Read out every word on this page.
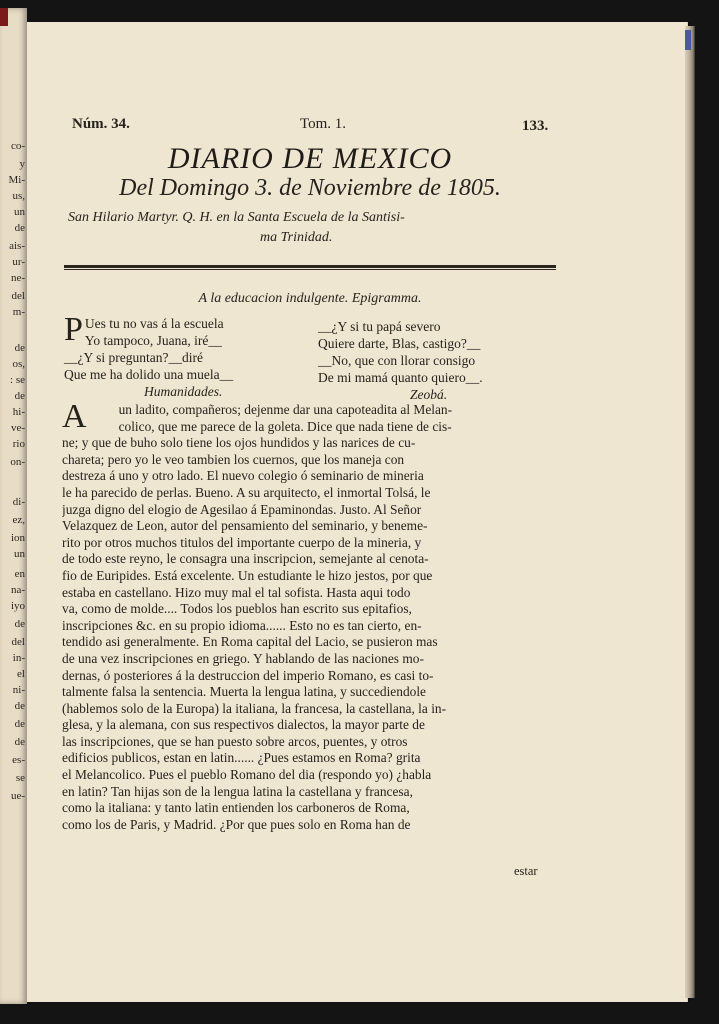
co-
y
Mi-
us,
un
de
ais-
ur-
ne-
del
m-
de
os,
: se
de
hi-
ve-
rio
on-
di-
ez,
ion
un
en
na-
iyo
de
del
in-
el
ni-
de
de
de
es-
se
ue-
Núm. 34.	Tom. 1.	133.
DIARIO DE MEXICO
Del Domingo 3. de Noviembre de 1805.
San Hilario Martyr. Q. H. en la Santa Escuela de la Santisi-
ma Trinidad.
A la educacion indulgente. Epigramma.
P Ues tu no vas á la escuela
Yo tampoco, Juana, iré__
__¿Y si preguntan?__diré
Que me ha dolido una muela__
Humanidades.
__¿Y si tu papá severo
Quiere darte, Blas, castigo?__
__No, que con llorar consigo
De mi mamá quanto quiero__.
Zeobá.
A	un ladito, compañeros; dejenme dar una capoteadita al Melan-
colico, que me parece de la goleta. Dice que nada tiene de cis-
ne; y que de buho solo tiene los ojos hundidos y las narices de cu-
chareta; pero yo le veo tambien los cuernos, que los maneja con
destreza á uno y otro lado. El nuevo colegio ó seminario de mineria
le ha parecido de perlas. Bueno. A su arquitecto, el inmortal Tolsá, le
juzga digno del elogio de Agesilao á Epaminondas. Justo. Al Señor
Velazquez de Leon, autor del pensamiento del seminario, y beneme-
rito por otros muchos titulos del importante cuerpo de la mineria, y
de todo este reyno, le consagra una inscripcion, semejante al cenota-
fio de Euripides. Está excelente. Un estudiante le hizo jestos, por que
estaba en castellano. Hizo muy mal el tal sofista. Hasta aqui todo
va, como de molde.... Todos los pueblos han escrito sus epitafios,
inscripciones &c. en su propio idioma...... Esto no es tan cierto, en-
tendido asi generalmente. En Roma capital del Lacio, se pusieron mas
de una vez inscripciones en griego. Y hablando de las naciones mo-
dernas, ó posteriores á la destruccion del imperio Romano, es casi to-
talmente falsa la sentencia. Muerta la lengua latina, y succediendole
(hablemos solo de la Europa) la italiana, la francesa, la castellana, la in-
glesa, y la alemana, con sus respectivos dialectos, la mayor parte de
las inscripciones, que se han puesto sobre arcos, puentes, y otros
edificios publicos, estan en latin...... ¿Pues estamos en Roma? grita
el Melancolico. Pues el pueblo Romano del dia (respondo yo) ¿habla
en latin? Tan hijas son de la lengua latina la castellana y francesa,
como la italiana: y tanto latin entienden los carboneros de Roma,
como los de Paris, y Madrid. ¿Por que pues solo en Roma han de
estar
